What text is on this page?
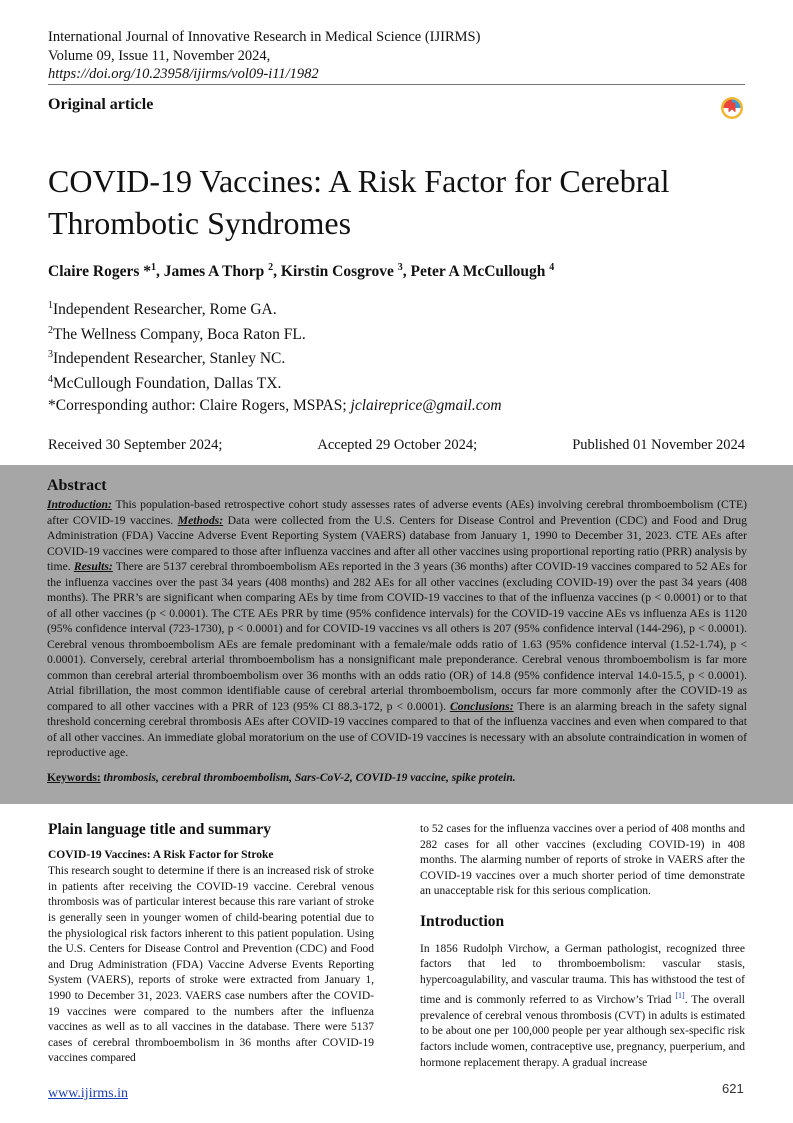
International Journal of Innovative Research in Medical Science (IJIRMS)
Volume 09, Issue 11, November 2024,
https://doi.org/10.23958/ijirms/vol09-i11/1982
Original article
COVID-19 Vaccines: A Risk Factor for Cerebral Thrombotic Syndromes
Claire Rogers *$^1$, James A Thorp $^2$, Kirstin Cosgrove $^3$, Peter A McCullough $^4$
$^1$Independent Researcher, Rome GA.
$^2$The Wellness Company, Boca Raton FL.
$^3$Independent Researcher, Stanley NC.
$^4$McCullough Foundation, Dallas TX.
*Corresponding author: Claire Rogers, MSPAS; jclaireprice@gmail.com
Received 30 September 2024;	Accepted 29 October 2024;	Published 01 November 2024
Abstract
Introduction: This population-based retrospective cohort study assesses rates of adverse events (AEs) involving cerebral thromboembolism (CTE) after COVID-19 vaccines. Methods: Data were collected from the U.S. Centers for Disease Control and Prevention (CDC) and Food and Drug Administration (FDA) Vaccine Adverse Event Reporting System (VAERS) database from January 1, 1990 to December 31, 2023. CTE AEs after COVID-19 vaccines were compared to those after influenza vaccines and after all other vaccines using proportional reporting ratio (PRR) analysis by time. Results: There are 5137 cerebral thromboembolism AEs reported in the 3 years (36 months) after COVID-19 vaccines compared to 52 AEs for the influenza vaccines over the past 34 years (408 months) and 282 AEs for all other vaccines (excluding COVID-19) over the past 34 years (408 months). The PRR’s are significant when comparing AEs by time from COVID-19 vaccines to that of the influenza vaccines (p < 0.0001) or to that of all other vaccines (p < 0.0001). The CTE AEs PRR by time (95% confidence intervals) for the COVID-19 vaccine AEs vs influenza AEs is 1120 (95% confidence interval (723-1730), p < 0.0001) and for COVID-19 vaccines vs all others is 207 (95% confidence interval (144-296), p < 0.0001). Cerebral venous thromboembolism AEs are female predominant with a female/male odds ratio of 1.63 (95% confidence interval (1.52-1.74), p < 0.0001). Conversely, cerebral arterial thromboembolism has a nonsignificant male preponderance. Cerebral venous thromboembolism is far more common than cerebral arterial thromboembolism over 36 months with an odds ratio (OR) of 14.8 (95% confidence interval 14.0-15.5, p < 0.0001). Atrial fibrillation, the most common identifiable cause of cerebral arterial thromboembolism, occurs far more commonly after the COVID-19 as compared to all other vaccines with a PRR of 123 (95% CI 88.3-172, p < 0.0001). Conclusions: There is an alarming breach in the safety signal threshold concerning cerebral thrombosis AEs after COVID-19 vaccines compared to that of the influenza vaccines and even when compared to that of all other vaccines. An immediate global moratorium on the use of COVID-19 vaccines is necessary with an absolute contraindication in women of reproductive age.
Keywords: thrombosis, cerebral thromboembolism, Sars-CoV-2, COVID-19 vaccine, spike protein.
Plain language title and summary
COVID-19 Vaccines: A Risk Factor for Stroke
This research sought to determine if there is an increased risk of stroke in patients after receiving the COVID-19 vaccine. Cerebral venous thrombosis was of particular interest because this rare variant of stroke is generally seen in younger women of child-bearing potential due to the physiological risk factors inherent to this patient population. Using the U.S. Centers for Disease Control and Prevention (CDC) and Food and Drug Administration (FDA) Vaccine Adverse Events Reporting System (VAERS), reports of stroke were extracted from January 1, 1990 to December 31, 2023. VAERS case numbers after the COVID-19 vaccines were compared to the numbers after the influenza vaccines as well as to all vaccines in the database. There were 5137 cases of cerebral thromboembolism in 36 months after COVID-19 vaccines compared

to 52 cases for the influenza vaccines over a period of 408 months and 282 cases for all other vaccines (excluding COVID-19) in 408 months. The alarming number of reports of stroke in VAERS after the COVID-19 vaccines over a much shorter period of time demonstrate an unacceptable risk for this serious complication.

Introduction

In 1856 Rudolph Virchow, a German pathologist, recognized three factors that led to thromboembolism: vascular stasis, hypercoagulability, and vascular trauma. This has withstood the test of time and is commonly referred to as Virchow’s Triad [1]. The overall prevalence of cerebral venous thrombosis (CVT) in adults is estimated to be about one per 100,000 people per year although sex-specific risk factors include women, contraceptive use, pregnancy, puerperium, and hormone replacement therapy. A gradual increase

www.ijirms.in	621
